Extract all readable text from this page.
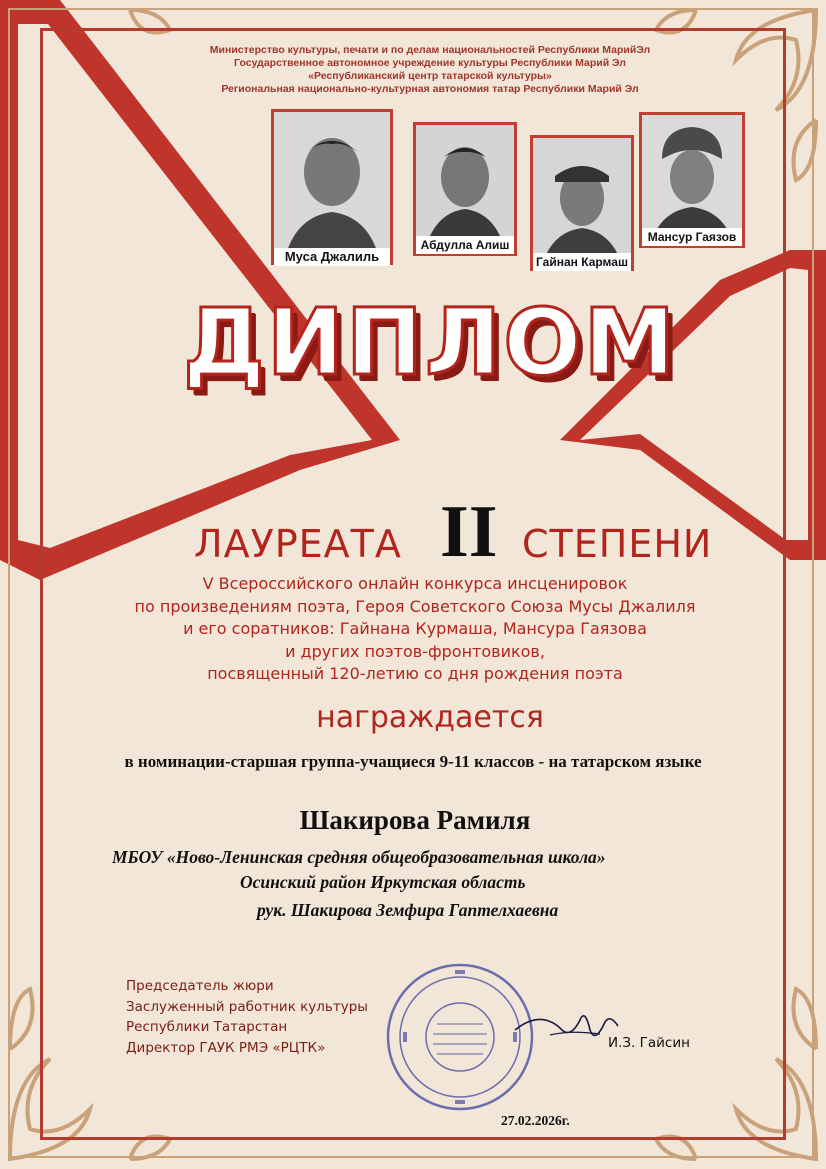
Министерство культуры, печати и по делам национальностей Республики МарийЭл
Государственное автономное учреждение культуры Республики Марий Эл
«Республиканский центр татарской культуры»
Региональная национально-культурная автономия татар Республики Марий Эл
Муса Джалиль
Абдулла Алиш
Гайнан Кармаш
Мансур Гаязов
ДИПЛОМ
ЛАУРЕАТА II СТЕПЕНИ
V Всероссийского онлайн конкурса инсценировок
по произведениям поэта, Героя Советского Союза Мусы Джалиля
и его соратников: Гайнана Курмаша, Мансура Гаязова
и других поэтов-фронтовиков,
посвященный 120-летию со дня рождения поэта
награждается
в номинации-старшая группа-учащиеся 9-11 классов - на татарском языке
Шакирова Рамиля
МБОУ «Ново-Ленинская средняя общеобразовательная школа»
Осинский район Иркутская область
рук. Шакирова Земфира Гаптелхаевна
Председатель жюри
Заслуженный работник культуры
Республики Татарстан
Директор ГАУК РМЭ «РЦТК»	И.З. Гайсин
27.02.2026г.
